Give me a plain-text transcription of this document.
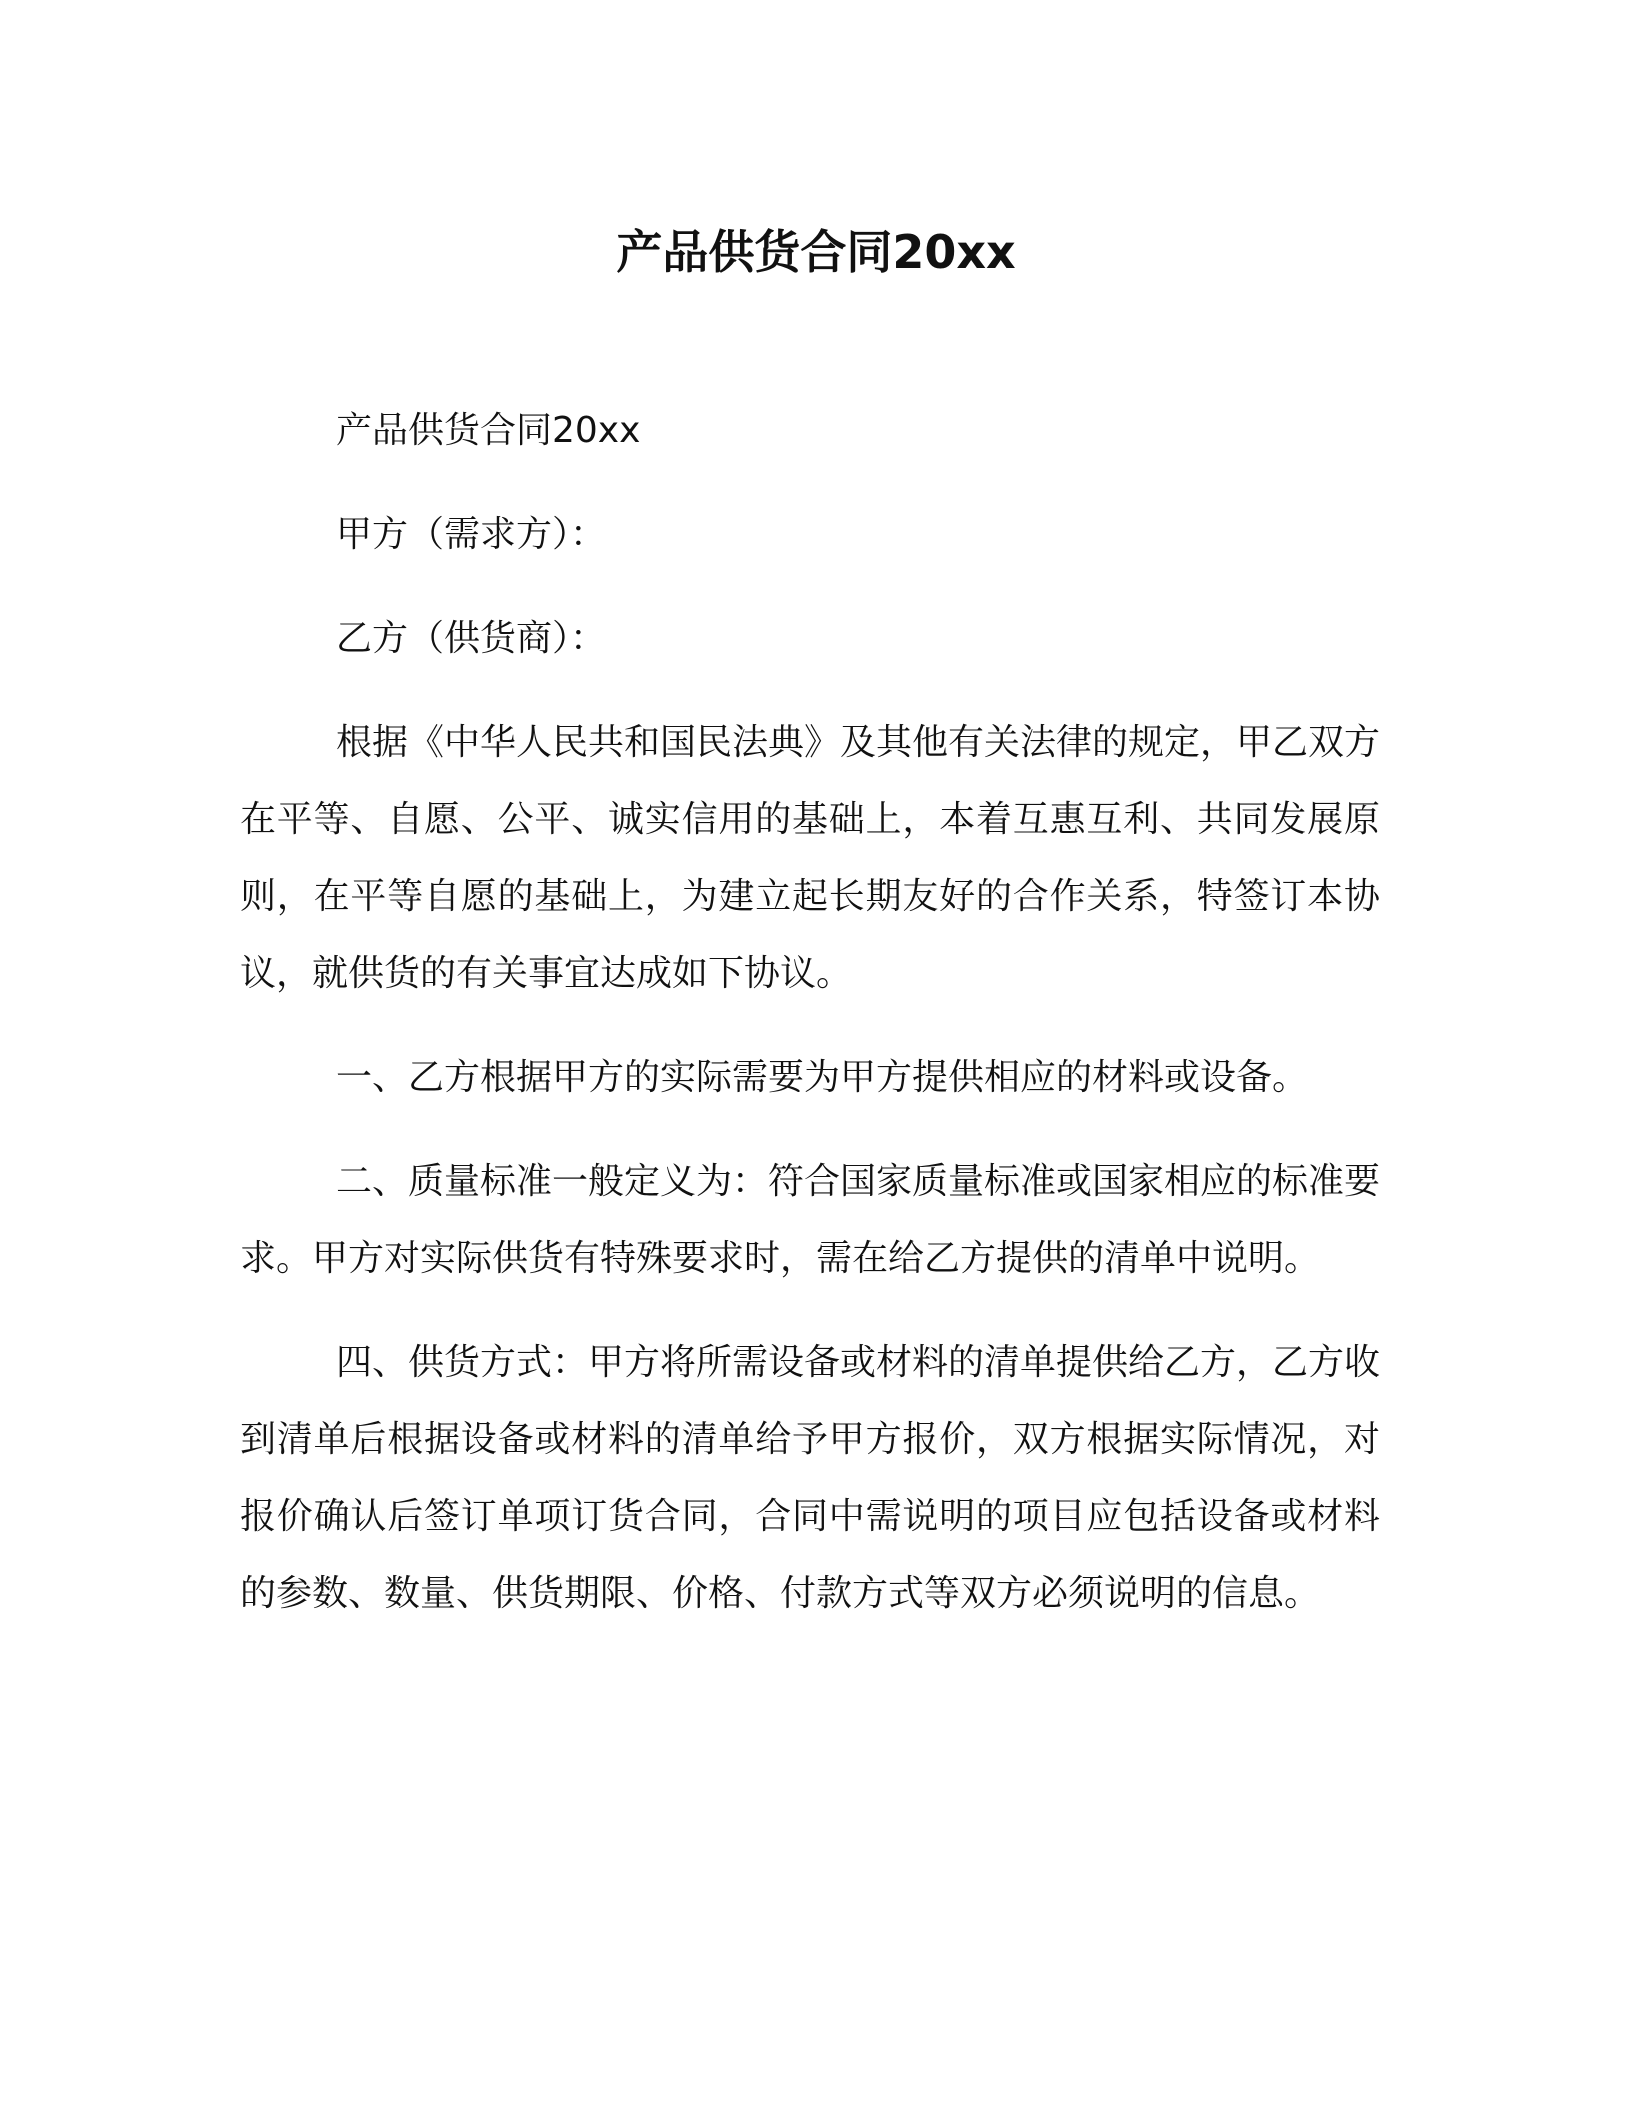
产品供货合同20xx

产品供货合同20xx

甲方（需求方）：

乙方（供货商）：

根据《中华人民共和国民法典》及其他有关法律的规定，甲乙双方在平等、自愿、公平、诚实信用的基础上，本着互惠互利、共同发展原则，在平等自愿的基础上，为建立起长期友好的合作关系，特签订本协议，就供货的有关事宜达成如下协议。

一、乙方根据甲方的实际需要为甲方提供相应的材料或设备。

二、质量标准一般定义为：符合国家质量标准或国家相应的标准要求。甲方对实际供货有特殊要求时，需在给乙方提供的清单中说明。

四、供货方式：甲方将所需设备或材料的清单提供给乙方，乙方收到清单后根据设备或材料的清单给予甲方报价，双方根据实际情况，对报价确认后签订单项订货合同，合同中需说明的项目应包括设备或材料的参数、数量、供货期限、价格、付款方式等双方必须说明的信息。
